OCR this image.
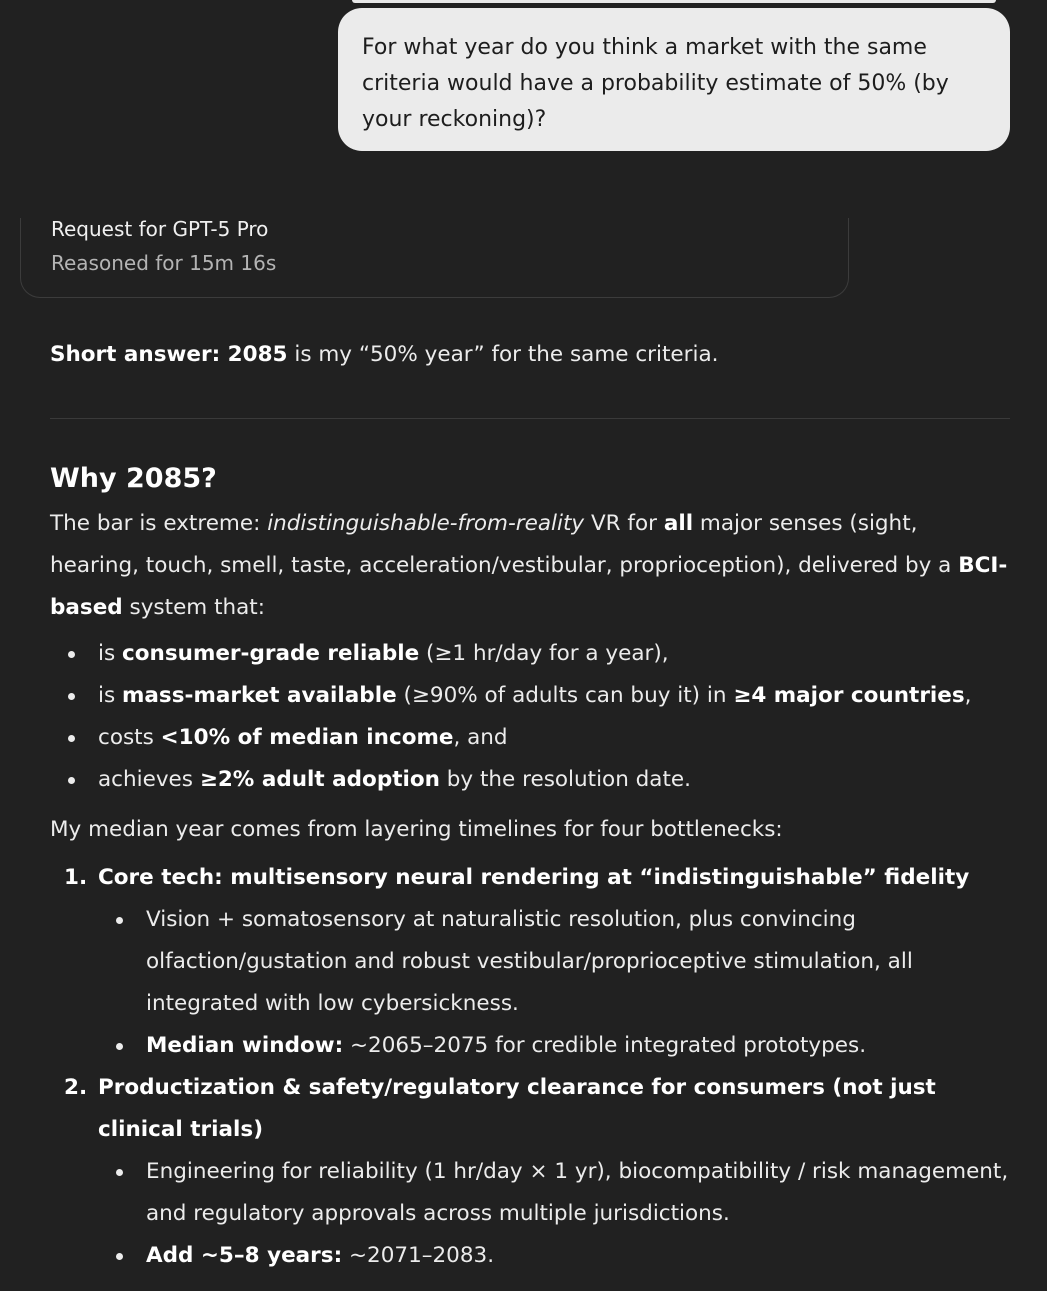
For what year do you think a market with the same criteria would have a probability estimate of 50% (by your reckoning)?
Request for GPT-5 Pro
Reasoned for 15m 16s

Short answer: 2085 is my “50% year” for the same criteria.

Why 2085?

The bar is extreme: indistinguishable-from-reality VR for all major senses (sight, hearing, touch, smell, taste, acceleration/vestibular, proprioception), delivered by a BCI-based system that:

is consumer-grade reliable (≥1 hr/day for a year),
is mass-market available (≥90% of adults can buy it) in ≥4 major countries,
costs <10% of median income, and
achieves ≥2% adult adoption by the resolution date.

My median year comes from layering timelines for four bottlenecks:

1. Core tech: multisensory neural rendering at “indistinguishable” fidelity
Vision + somatosensory at naturalistic resolution, plus convincing olfaction/gustation and robust vestibular/proprioceptive stimulation, all integrated with low cybersickness.
Median window: ~2065–2075 for credible integrated prototypes.
2. Productization & safety/regulatory clearance for consumers (not just clinical trials)
Engineering for reliability (1 hr/day × 1 yr), biocompatibility / risk management, and regulatory approvals across multiple jurisdictions.
Add ~5–8 years: ~2071–2083.
